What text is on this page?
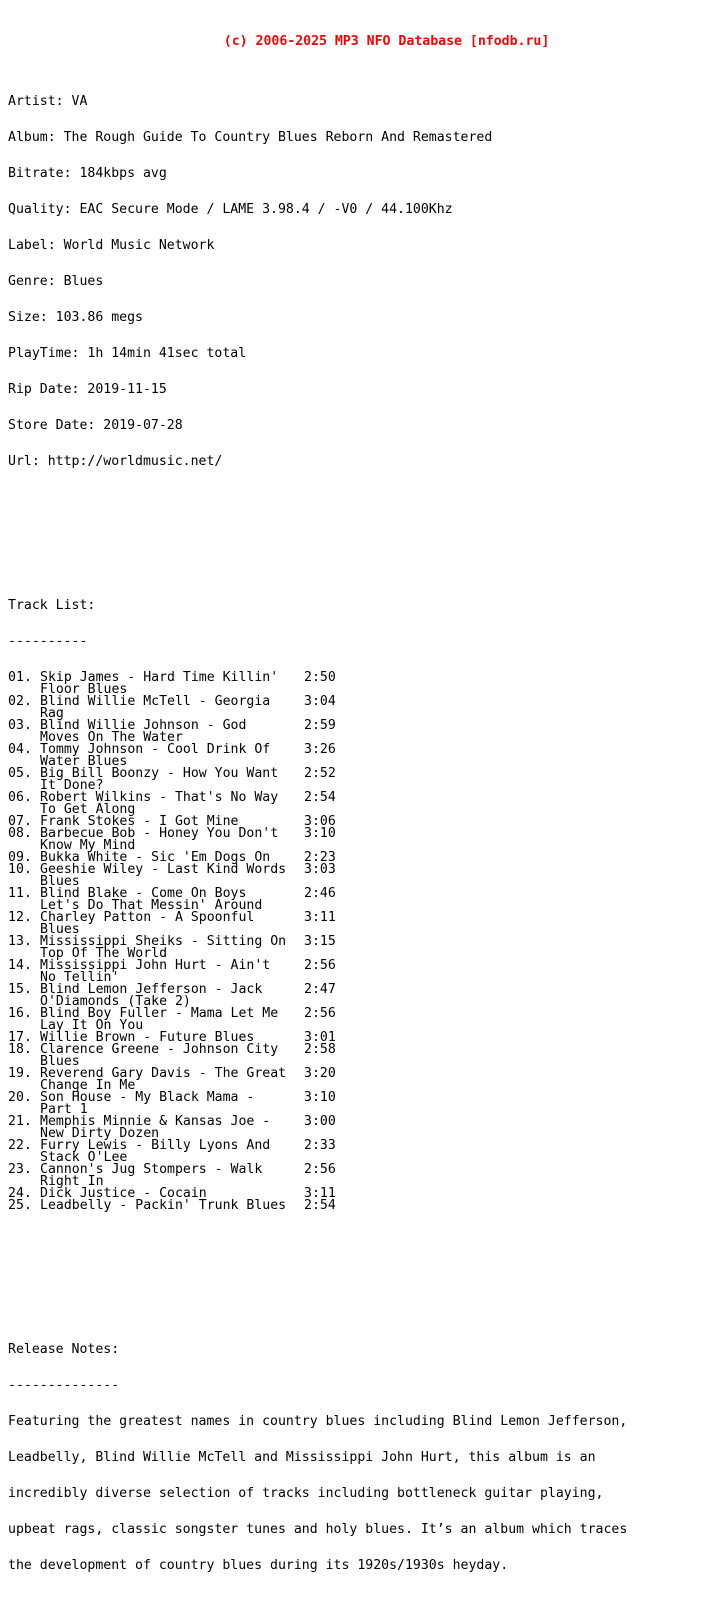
(c) 2006-2025 MP3 NFO Database [nfodb.ru]

Artist: VA

Album: The Rough Guide To Country Blues Reborn And Remastered

Bitrate: 184kbps avg

Quality: EAC Secure Mode / LAME 3.98.4 / -V0 / 44.100Khz

Label: World Music Network

Genre: Blues

Size: 103.86 megs

PlayTime: 1h 14min 41sec total

Rip Date: 2019-11-15

Store Date: 2019-07-28

Url: http://worldmusic.net/

Track List:

----------

01. Skip James - Hard Time Killin' 2:50
Floor Blues
02. Blind Willie McTell - Georgia	3:04
Rag
03. Blind Willie Johnson - God	2:59
Moves On The Water
04. Tommy Johnson - Cool Drink Of	3:26
Water Blues
05. Big Bill Boonzy - How You Want 2:52
It Done?
06. Robert Wilkins - That's No Way 2:54
To Get Along
07. Frank Stokes - I Got Mine	3:06
08. Barbecue Bob - Honey You Don't 3:10
Know My Mind
09. Bukka White - Sic 'Em Dogs On	2:23
10. Geeshie Wiley - Last Kind Words 3:03
Blues
11. Blind Blake - Come On Boys	2:46
Let's Do That Messin' Around
12. Charley Patton - A Spoonful	3:11
Blues
13. Mississippi Sheiks - Sitting On 3:15
Top Of The World
14. Mississippi John Hurt - Ain't	2:56
No Tellin'
15. Blind Lemon Jefferson - Jack	2:47
O'Diamonds (Take 2)
16. Blind Boy Fuller - Mama Let Me 2:56
Lay It On You
17. Willie Brown - Future Blues	3:01
18. Clarence Greene - Johnson City 2:58
Blues
19. Reverend Gary Davis - The Great 3:20
Change In Me
20. Son House - My Black Mama -	3:10
Part 1
21. Memphis Minnie & Kansas Joe -	3:00
New Dirty Dozen
22. Furry Lewis - Billy Lyons And	2:33
Stack O'Lee
23. Cannon's Jug Stompers - Walk	2:56
Right In
24. Dick Justice - Cocain	3:11
25. Leadbelly - Packin' Trunk Blues 2:54

Release Notes:

--------------

Featuring the greatest names in country blues including Blind Lemon Jefferson,

Leadbelly, Blind Willie McTell and Mississippi John Hurt, this album is an

incredibly diverse selection of tracks including bottleneck guitar playing,

upbeat rags, classic songster tunes and holy blues. It’s an album which traces

the development of country blues during its 1920s/1930s heyday.
